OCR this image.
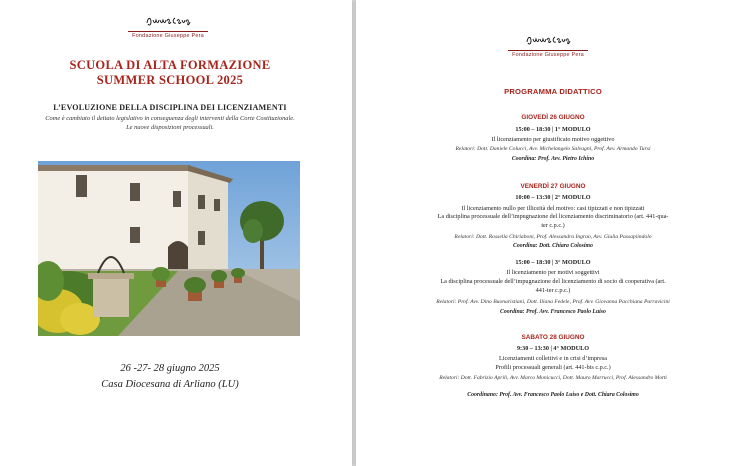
Fondazione Giuseppe Pera
SCUOLA DI ALTA FORMAZIONE
SUMMER SCHOOL 2025
L’EVOLUZIONE DELLA DISCIPLINA DEI LICENZIAMENTI
Come è cambiato il dettato legislativo in conseguenza degli interventi della Corte Costituzionale.
Le nuove disposizioni processuali.
26 -27- 28 giugno 2025
Casa Diocesana di Arliano (LU)
Fondazione Giuseppe Pera
PROGRAMMA DIDATTICO
GIOVEDÌ 26 GIUGNO
15:00 – 18:30 | 1° MODULO
Il licenziamento per giustificato motivo oggettivo
Relatori: Dott. Daniele Colucci, Avv. Michelangelo Salvagni, Prof. Avv. Armando Tursi
Coordina: Prof. Avv. Pietro Ichino
VENERDÌ 27 GIUGNO
10:00 – 13:30 | 2° MODULO
Il licenziamento nullo per illiceità del motivo: casi tipizzati e non tipizzati
La disciplina processuale dell’impugnazione del licenziamento discriminatorio (art. 441-qua-
ter c.p.c.)
Relatori: Dott. Rossella Chiriaboni, Prof. Alessandra Ingrao, Avv. Giulia Passapiindolo
Coordina: Dott. Chiara Colosimo
15:00 – 18:30 | 3° MODULO
Il licenziamento per motivi soggettivi
La disciplina processuale dell’impugnazione del licenziamento di socio di cooperativa (art.
441-ter c.p.c.)
Relatori: Prof. Avv. Dino Buonaristiani, Dott. Iliana Fedele, Prof. Avv. Giovanna Pacchiana Parravicini
Coordina: Prof. Avv. Francesco Paolo Luiso
SABATO 28 GIUGNO
9:30 – 13:30 | 4° MODULO
Licenziamenti collettivi e in crisi d’impresa
Profili processuali generali (art. 441-bis c.p.c.)
Relatori: Dott. Fabrizio Aprili, Avv. Marco Monicucci, Dott. Mauro Marrucci, Prof. Alessandro Motti
Coordinano: Prof. Avv. Francesco Paolo Luiso e Dott. Chiara Colosimo
